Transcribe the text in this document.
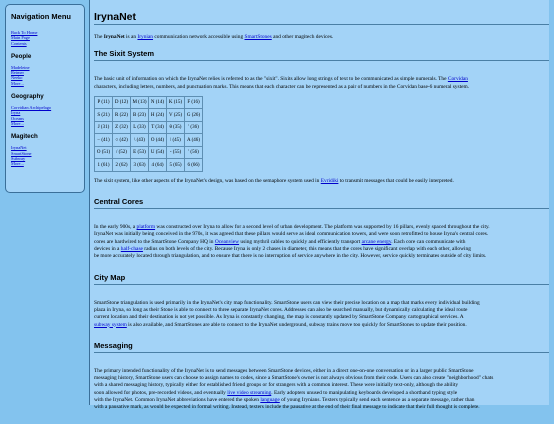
Navigation Menu
Back To Home
Main Page
Contents
People
Madeleine
Reimer
Neeko
More...
Geography
Corvidian Archipelago
Iryna
Oceans
More...
Magitech
IrynaNet
SmartStone
Subway
More...
IrynaNet

The IrynaNet is an Irynian communication network accessible using SmartStones and other magitech devices.

The Sixit System

The basic unit of information on which the IrynaNet relies is referred to as the "sixit". Sixits allow long strings of text to be communicated as simple numerals. The Corvidan

characters, including letters, numbers, and punctuation marks. This means that each character can be represented as a pair of numbers in the Corvidan base-6 numeral system.

P (11)	D (12)	M (13)	N (14)	K (15)	F (16)
S (21)	R (22)	B (23)	H (24)	V (25)	G (26)
J (31)	Z (32)	L (33)	T (34)	θ (35)	' (36)
− (41)	○ (42)	\ (43)	O (44)	ǀ (45)	A (46)
O (51)	/ (52)	E (53)	U (54)	- (55)	' (56)
1 (61)	2 (62)	3 (63)	4 (64)	5 (65)	6 (66)

The sixit system, like other aspects of the IrynaNet's design, was based on the semaphore system used in Evridiki to transmit messages that could be easily interpreted.

Central Cores

In the early 900s, a platform was constructed over Iryna to allow for a second level of urban development. The platform was supported by 16 pillars, evenly spaced throughout the city.

IrynaNet was initially being conceived in the 970s, it was agreed that these pillars would serve as ideal communication towers, and were soon retrofitted to house Iryna's central cores.

cores are hardwired to the SmartStone Company HQ in Oceanview using mythril cables to quickly and efficiently transport arcane energy. Each core can communicate with

devices in a half-chase radius on both levels of the city. Because Iryna is only 2 chases in diameter, this means that the cores have significant overlap with each other, allowing

be more accurately located through triangulation, and to ensure that there is no interruption of service anywhere in the city. However, service quickly terminates outside of city limits.

City Map

SmartStone triangulation is used primarily in the IrynaNet's city map functionality. SmartStone users can view their precise location on a map that marks every individual building

plaza in Iryna, so long as their Stone is able to connect to three separate IrynaNet cores. Addresses can also be searched manually, but dynamically calculating the ideal route

current location and their destination is not yet possible. As Iryna is constantly changing, the map is constantly updated by SmartStone Company cartographical services. A

subway system is also available, and SmartStones are able to connect to the IrynaNet underground, subway trains move too quickly for SmartStones to update their position.

Messaging

The primary intended functionality of the IrynaNet is to send messages between SmartStone devices, either in a direct one-on-one conversation or in a larger public SmartStone

messaging history, SmartStone users can choose to assign names to codes, since a SmartStone's owner is not always obvious from their code. Users can also create "neighborhood" chats

with a shared messaging history, typically either for established friend groups or for strangers with a common interest. These were initially text-only, although the ability

soon allowed for photos, pre-recorded videos, and eventually live video streaming. Early adopters unused to manipulating keyboards developed a shorthand typing style

with the IrynaNet. Common IrynaNet abbreviations have entered the spoken language of young Irynians. Texters typically send each sentence as a separate message, rather than

with a pausative mark, as would be expected in formal writing. Instead, texters include the pausative at the end of their final message to indicate that their full thought is complete.
